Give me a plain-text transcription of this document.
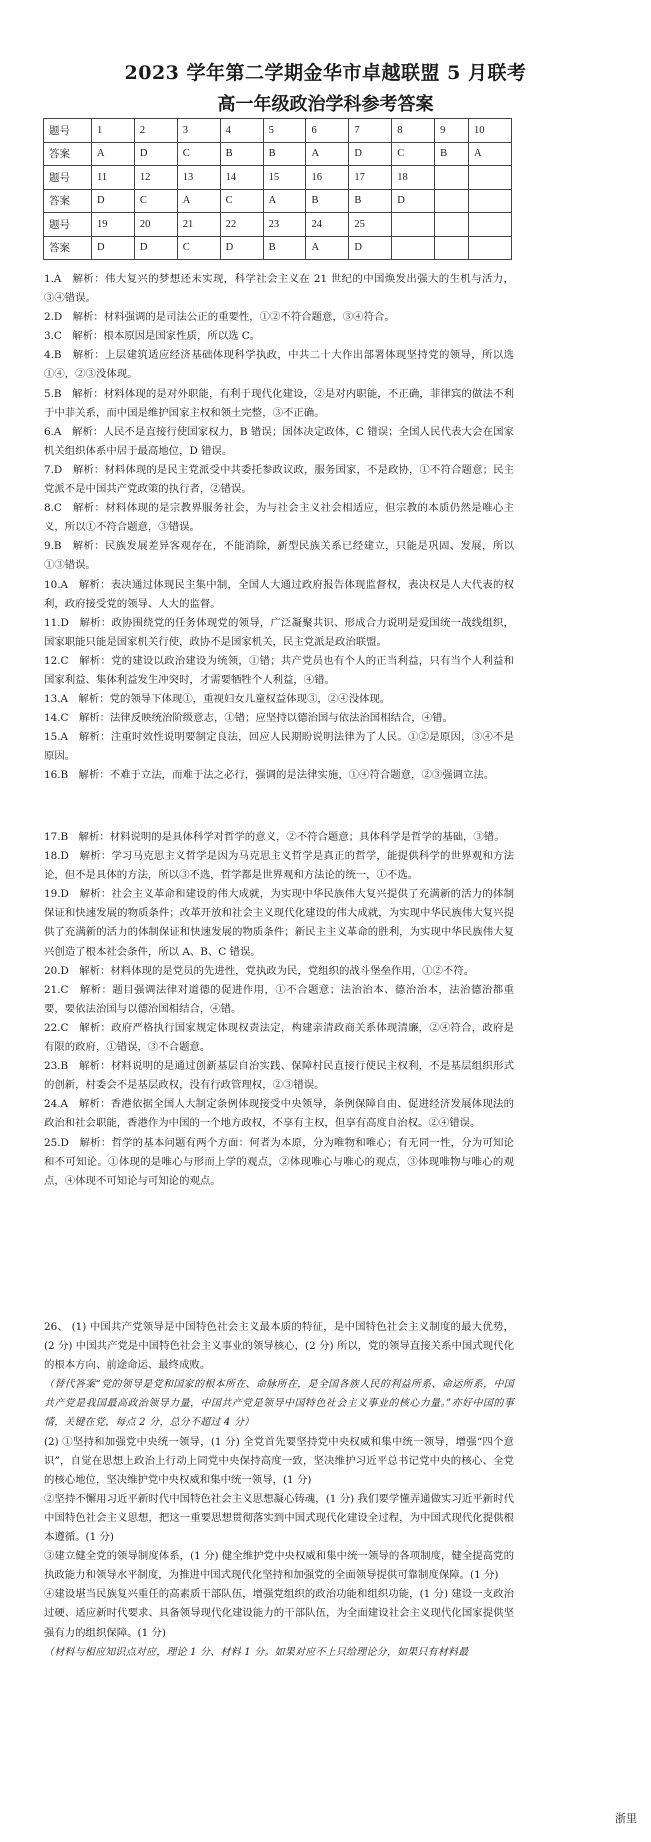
2023 学年第二学期金华市卓越联盟 5 月联考
高一年级政治学科参考答案
题号	1	2	3	4	5	6	7	8	9	10
答案	A	D	C	B	B	A	D	C	B	A
题号	11	12	13	14	15	16	17	18		
答案	D	C	A	C	A	B	B	D		
题号	19	20	21	22	23	24	25			
答案	D	D	C	D	B	A	D			

1.A　解析：伟大复兴的梦想还未实现，科学社会主义在 21 世纪的中国焕发出强大的生机与活力，③④错误。

2.D　解析：材料强调的是司法公正的重要性，①②不符合题意，③④符合。

3.C　解析：根本原因是国家性质，所以选 C。

4.B　解析：上层建筑适应经济基础体现科学执政，中共二十大作出部署体现坚持党的领导，所以选①④，②③没体现。

5.B　解析：材料体现的是对外职能，有利于现代化建设，②是对内职能，不正确，菲律宾的做法不利于中菲关系，而中国是维护国家主权和领土完整，③不正确。

6.A　解析：人民不是直接行使国家权力，B 错误；国体决定政体，C 错误；全国人民代表大会在国家机关组织体系中居于最高地位，D 错误。

7.D　解析：材料体现的是民主党派受中共委托参政议政，服务国家，不是政协，①不符合题意；民主党派不是中国共产党政策的执行者，②错误。

8.C　解析：材料体现的是宗教界服务社会，为与社会主义社会相适应，但宗教的本质仍然是唯心主义，所以①不符合题意，③错误。

9.B　解析：民族发展差异客观存在，不能消除，新型民族关系已经建立，只能是巩固、发展，所以①③错误。

10.A　解析：表决通过体现民主集中制，全国人大通过政府报告体现监督权，表决权是人大代表的权利，政府接受党的领导、人大的监督。

11.D　解析：政协围绕党的任务体现党的领导，广泛凝聚共识、形成合力说明是爱国统一战线组织，国家职能只能是国家机关行使，政协不是国家机关，民主党派是政治联盟。

12.C　解析：党的建设以政治建设为统领，①错；共产党员也有个人的正当利益，只有当个人利益和国家利益、集体利益发生冲突时，才需要牺牲个人利益，④错。

13.A　解析：党的领导下体现①，重视妇女儿童权益体现③，②④没体现。

14.C　解析：法律反映统治阶级意志，①错；应坚持以德治国与依法治国相结合，④错。

15.A　解析：注重时效性说明要制定良法，回应人民期盼说明法律为了人民。①②是原因，③④不是原因。

16.B　解析：不难于立法，而难于法之必行，强调的是法律实施，①④符合题意，②③强调立法。

17.B　解析：材料说明的是具体科学对哲学的意义，②不符合题意；具体科学是哲学的基础，③错。

18.D　解析：学习马克思主义哲学是因为马克思主义哲学是真正的哲学，能提供科学的世界观和方法论，但不是具体的方法，所以③不选，哲学都是世界观和方法论的统一，①不选。

19.D　解析：社会主义革命和建设的伟大成就，为实现中华民族伟大复兴提供了充满新的活力的体制保证和快速发展的物质条件；改革开放和社会主义现代化建设的伟大成就，为实现中华民族伟大复兴提供了充满新的活力的体制保证和快速发展的物质条件；新民主主义革命的胜利，为实现中华民族伟大复兴创造了根本社会条件，所以 A、B、C 错误。

20.D　解析：材料体现的是党员的先进性，党执政为民，党组织的战斗堡垒作用，①②不符。

21.C　解析：题目强调法律对道德的促进作用，①不合题意；法治治本、德治治本，法治德治都重要，要依法治国与以德治国相结合，④错。

22.C　解析：政府严格执行国家规定体现权责法定，构建亲清政商关系体现清廉，②④符合，政府是有限的政府，①错误，③不合题意。

23.B　解析：材料说明的是通过创新基层自治实践、保障村民直接行使民主权利，不是基层组织形式的创新，村委会不是基层政权，没有行政管理权，②③错误。

24.A　解析：香港依据全国人大制定条例体现接受中央领导，条例保障自由、促进经济发展体现法的政治和社会职能，香港作为中国的一个地方政权，不享有主权，但享有高度自治权。②④错误。

25.D　解析：哲学的基本问题有两个方面：何者为本原，分为唯物和唯心；有无同一性，分为可知论和不可知论。①体现的是唯心与形而上学的观点，②体现唯心与唯心的观点，③体现唯物与唯心的观点，④体现不可知论与可知论的观点。

26、 (1) 中国共产党领导是中国特色社会主义最本质的特征，是中国特色社会主义制度的最大优势，(2 分) 中国共产党是中国特色社会主义事业的领导核心，(2 分) 所以，党的领导直接关系中国式现代化的根本方向、前途命运、最终成败。

（替代答案“党的领导是党和国家的根本所在、命脉所在，是全国各族人民的利益所系、命运所系，中国共产党是我国最高政治领导力量，中国共产党是领导中国特色社会主义事业的核心力量。”亦好中国的事情，关键在党，每点 2 分，总分不超过 4 分）

(2) ①坚持和加强党中央统一领导，(1 分) 全党首先要坚持党中央权威和集中统一领导，增强“四个意识”，自觉在思想上政治上行动上同党中央保持高度一致，坚决维护习近平总书记党中央的核心、全党的核心地位，坚决维护党中央权威和集中统一领导，(1 分)

②坚持不懈用习近平新时代中国特色社会主义思想凝心铸魂，(1 分) 我们要学懂弄通做实习近平新时代中国特色社会主义思想，把这一重要思想贯彻落实到中国式现代化建设全过程，为中国式现代化提供根本遵循。(1 分)

③建立健全党的领导制度体系，(1 分) 健全维护党中央权威和集中统一领导的各项制度，健全提高党的执政能力和领导水平制度，为推进中国式现代化坚持和加强党的全面领导提供可靠制度保障。(1 分)

④建设堪当民族复兴重任的高素质干部队伍，增强党组织的政治功能和组织功能，(1 分) 建设一支政治过硬、适应新时代要求、具备领导现代化建设能力的干部队伍，为全面建设社会主义现代化国家提供坚强有力的组织保障。(1 分)

（材料与相应知识点对应，理论 1 分、材料 1 分。如果对应不上只给理论分，如果只有材料最

浙里
